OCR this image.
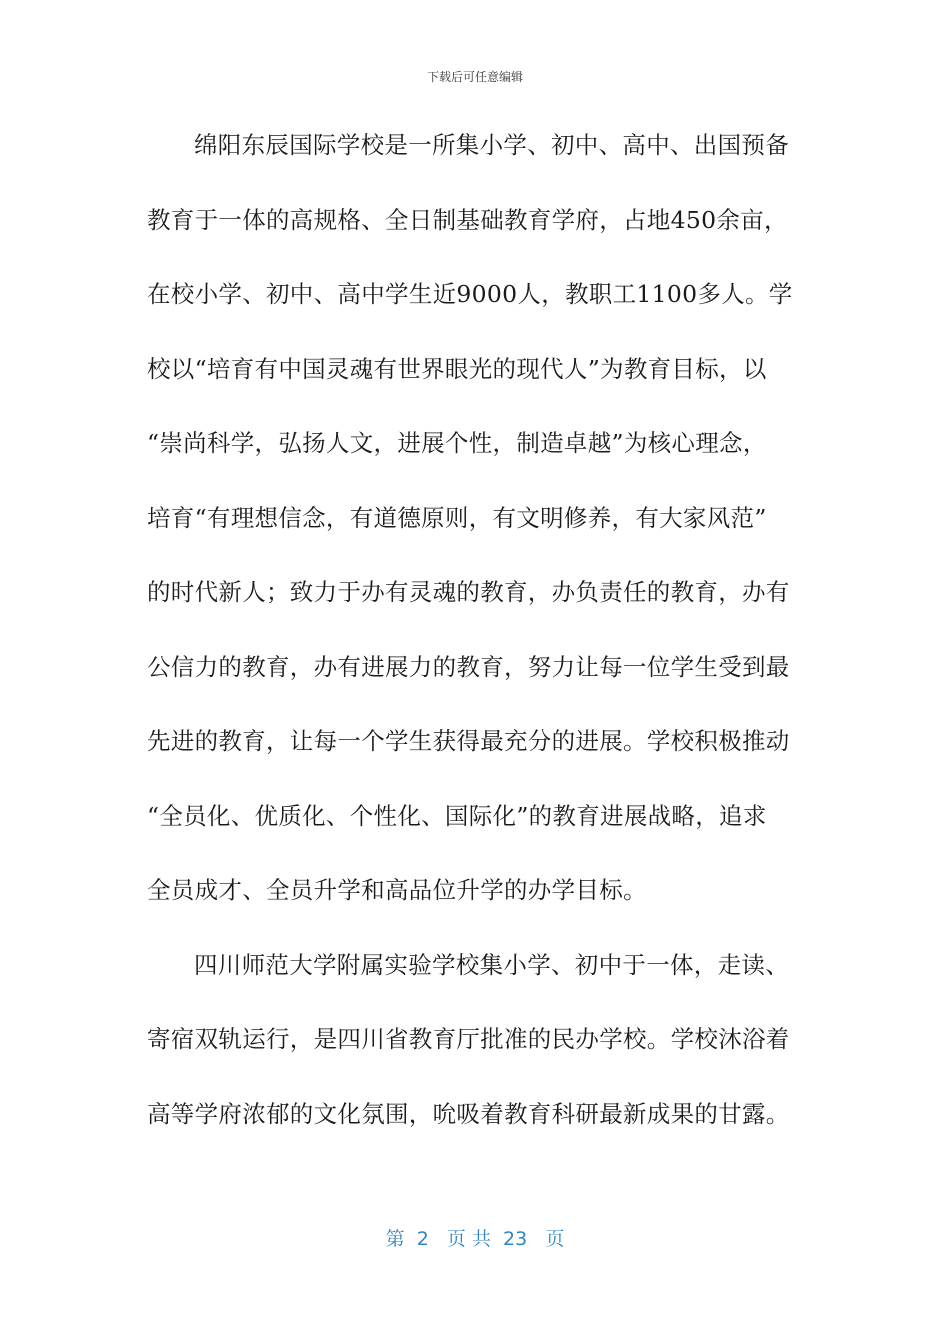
下载后可任意编辑
绵阳东辰国际学校是一所集小学、初中、高中、出国预备
教育于一体的高规格、全日制基础教育学府，占地450余亩，
在校小学、初中、高中学生近9000人，教职工1100多人。学
校以“培育有中国灵魂有世界眼光的现代人”为教育目标，以
“崇尚科学，弘扬人文，进展个性，制造卓越”为核心理念，
培育“有理想信念，有道德原则，有文明修养，有大家风范”
的时代新人；致力于办有灵魂的教育，办负责任的教育，办有
公信力的教育，办有进展力的教育，努力让每一位学生受到最
先进的教育，让每一个学生获得最充分的进展。学校积极推动
“全员化、优质化、个性化、国际化”的教育进展战略，追求
全员成才、全员升学和高品位升学的办学目标。
四川师范大学附属实验学校集小学、初中于一体，走读、
寄宿双轨运行，是四川省教育厅批准的民办学校。学校沐浴着
高等学府浓郁的文化氛围，吮吸着教育科研最新成果的甘露。
第  2   页 共  23   页
